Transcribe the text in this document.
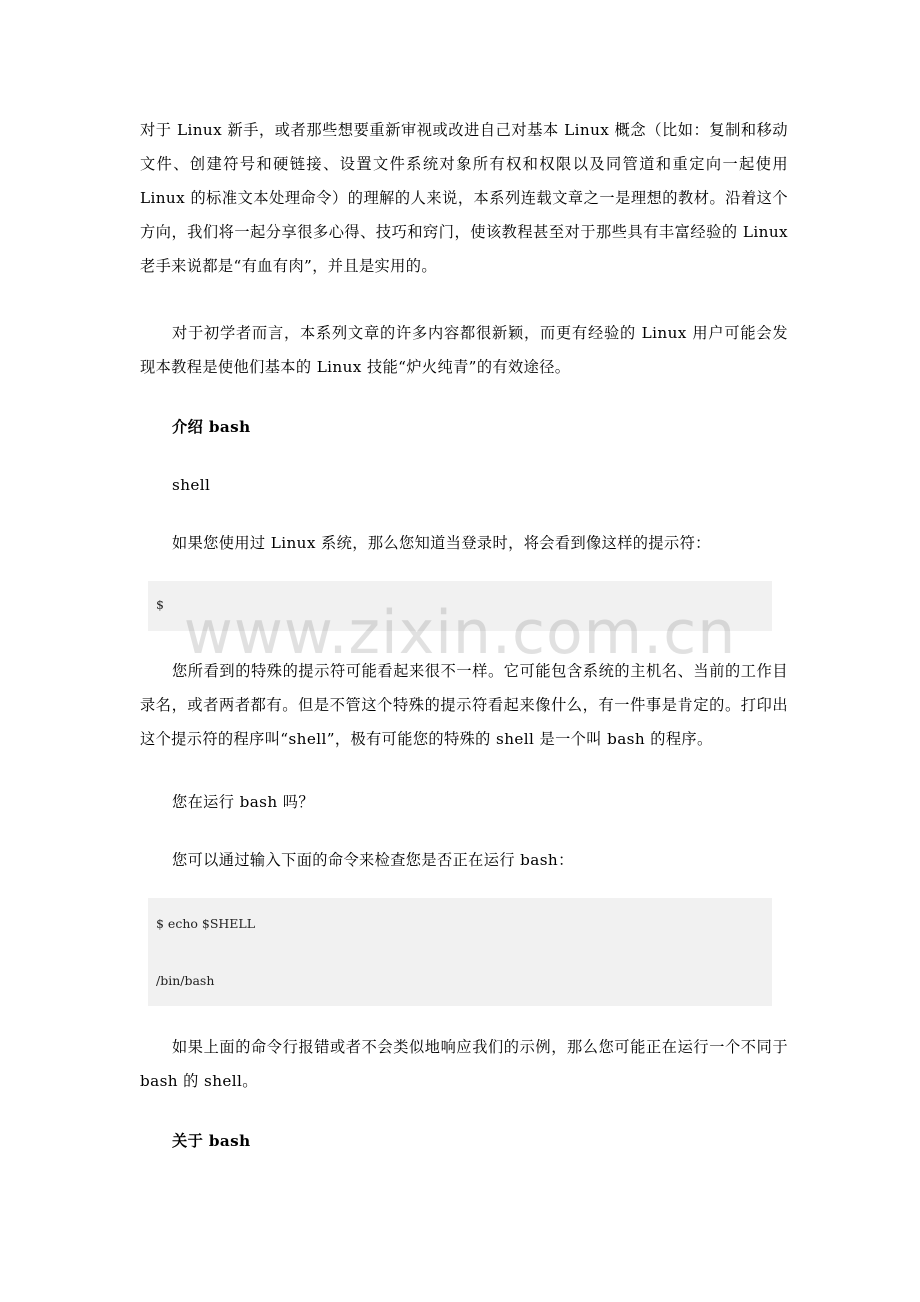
对于 Linux 新手，或者那些想要重新审视或改进自己对基本 Linux 概念（比如：复制和移动文件、创建符号和硬链接、设置文件系统对象所有权和权限以及同管道和重定向一起使用 Linux 的标准文本处理命令）的理解的人来说，本系列连载文章之一是理想的教材。沿着这个方向，我们将一起分享很多心得、技巧和窍门，使该教程甚至对于那些具有丰富经验的 Linux 老手来说都是“有血有肉”，并且是实用的。

对于初学者而言，本系列文章的许多内容都很新颖，而更有经验的 Linux 用户可能会发现本教程是使他们基本的 Linux 技能“炉火纯青”的有效途径。

介绍 bash

shell

如果您使用过 Linux 系统，那么您知道当登录时，将会看到像这样的提示符：

$ www.zixin.com.cn

您所看到的特殊的提示符可能看起来很不一样。它可能包含系统的主机名、当前的工作目录名，或者两者都有。但是不管这个特殊的提示符看起来像什么，有一件事是肯定的。打印出这个提示符的程序叫“shell”，极有可能您的特殊的 shell 是一个叫 bash 的程序。

您在运行 bash 吗？

您可以通过输入下面的命令来检查您是否正在运行 bash：

$ echo $SHELL
/bin/bash

如果上面的命令行报错或者不会类似地响应我们的示例，那么您可能正在运行一个不同于 bash 的 shell。

关于 bash
